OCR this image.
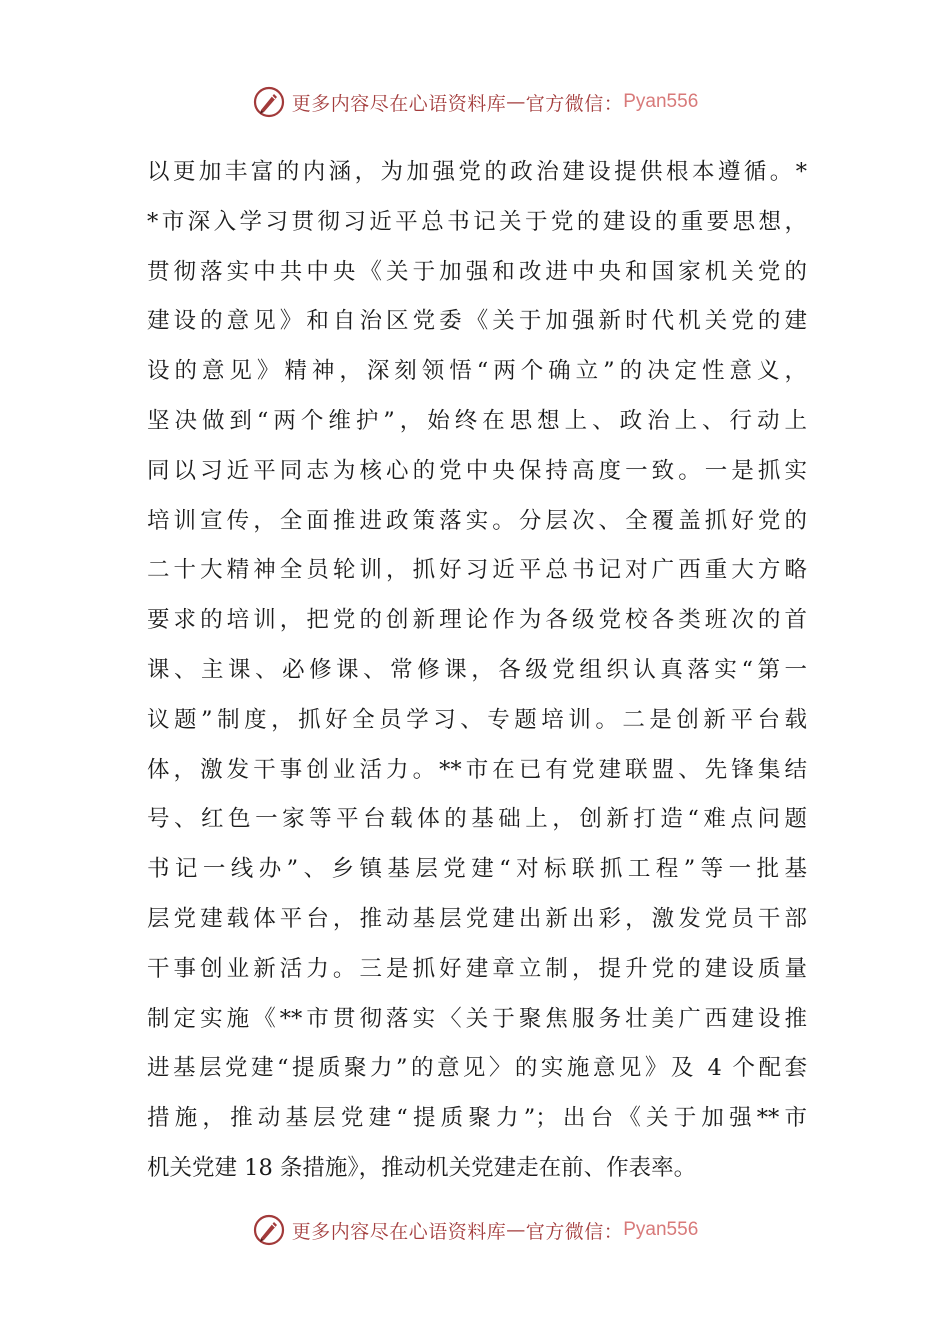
更多内容尽在心语资料库 — 官方微信： Pyan556
以更加丰富的内涵，为加强党的政治建设提供根本遵循。*
*市深入学习贯彻习近平总书记关于党的建设的重要思想，
贯彻落实中共中央《关于加强和改进中央和国家机关党的
建设的意见》和自治区党委《关于加强新时代机关党的建
设的意见》精神，深刻领悟“两个确立”的决定性意义，
坚决做到“两个维护”，始终在思想上、政治上、行动上
同以习近平同志为核心的党中央保持高度一致。一是抓实
培训宣传，全面推进政策落实。分层次、全覆盖抓好党的
二十大精神全员轮训，抓好习近平总书记对广西重大方略
要求的培训，把党的创新理论作为各级党校各类班次的首
课、主课、必修课、常修课，各级党组织认真落实“第一
议题”制度，抓好全员学习、专题培训。二是创新平台载
体，激发干事创业活力。**市在已有党建联盟、先锋集结
号、红色一家等平台载体的基础上，创新打造“难点问题
书记一线办”、乡镇基层党建“对标联抓工程”等一批基
层党建载体平台，推动基层党建出新出彩，激发党员干部
干事创业新活力。三是抓好建章立制，提升党的建设质量
制定实施《**市贯彻落实〈关于聚焦服务壮美广西建设推
进基层党建“提质聚力”的意见〉的实施意见》及 4 个配套
措施，推动基层党建“提质聚力”；出台《关于加强**市
机关党建 18 条措施》，推动机关党建走在前、作表率。
更多内容尽在心语资料库 — 官方微信： Pyan556
